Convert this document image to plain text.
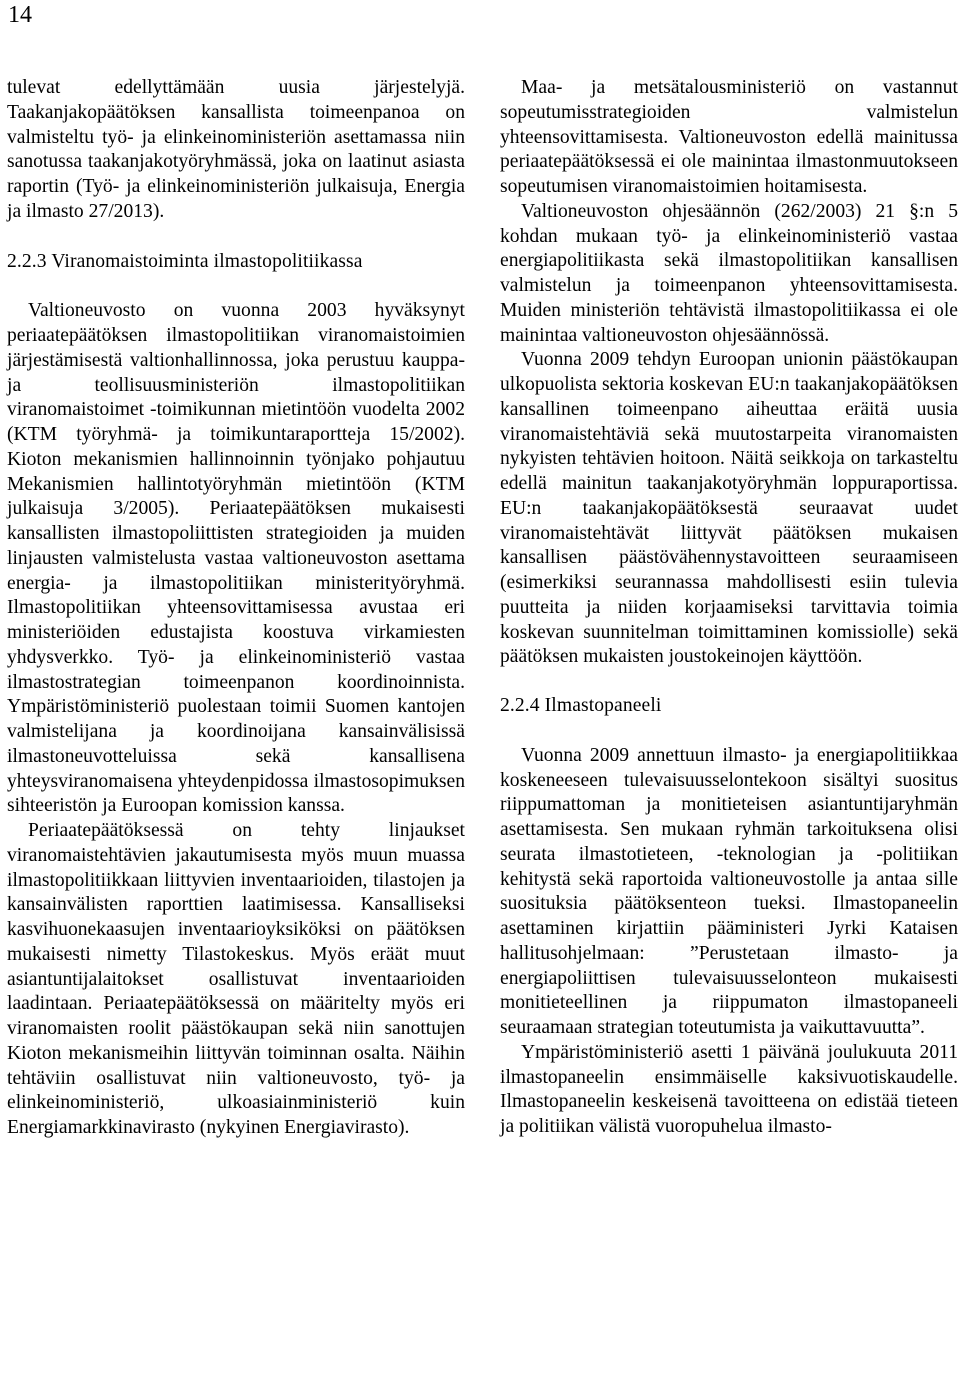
14

tulevat edellyttämään uusia järjestelyjä. Taakanjakopäätöksen kansallista toimeenpanoa on valmisteltu työ- ja elinkeinoministeriön asettamassa niin sanotussa taakanjakotyöryhmässä, joka on laatinut asiasta raportin (Työ- ja elinkeinoministeriön julkaisuja, Energia ja ilmasto 27/2013).

2.2.3 Viranomaistoiminta ilmastopolitiikassa

Valtioneuvosto on vuonna 2003 hyväksynyt periaatepäätöksen ilmastopolitiikan viranomaistoimien järjestämisestä valtionhallinnossa, joka perustuu kauppa- ja teollisuusministeriön ilmastopolitiikan viranomaistoimet -toimikunnan mietintöön vuodelta 2002 (KTM työryhmä- ja toimikuntaraportteja 15/2002). Kioton mekanismien hallinnoinnin työnjako pohjautuu Mekanismien hallintotyöryhmän mietintöön (KTM julkaisuja 3/2005). Periaatepäätöksen mukaisesti kansallisten ilmastopoliittisten strategioiden ja muiden linjausten valmistelusta vastaa valtioneuvoston asettama energia- ja ilmastopolitiikan ministerityöryhmä. Ilmastopolitiikan yhteensovittamisessa avustaa eri ministeriöiden edustajista koostuva virkamiesten yhdysverkko. Työ- ja elinkeinoministeriö vastaa ilmastostrategian toimeenpanon koordinoinnista. Ympäristöministeriö puolestaan toimii Suomen kantojen valmistelijana ja koordinoijana kansainvälisissä ilmastoneuvotteluissa sekä kansallisena yhteysviranomaisena yhteydenpidossa ilmastosopimuksen sihteeristön ja Euroopan komission kanssa.

Periaatepäätöksessä on tehty linjaukset viranomaistehtävien jakautumisesta myös muun muassa ilmastopolitiikkaan liittyvien inventaarioiden, tilastojen ja kansainvälisten raporttien laatimisessa. Kansalliseksi kasvihuonekaasujen inventaarioyksiköksi on päätöksen mukaisesti nimetty Tilastokeskus. Myös eräät muut asiantuntijalaitokset osallistuvat inventaarioiden laadintaan. Periaatepäätöksessä on määritelty myös eri viranomaisten roolit päästökaupan sekä niin sanottujen Kioton mekanismeihin liittyvän toiminnan osalta. Näihin tehtäviin osallistuvat niin valtioneuvosto, työ- ja elinkeinoministeriö, ulkoasiainministeriö kuin Energiamarkkinavirasto (nykyinen Energiavirasto).

Maa- ja metsätalousministeriö on vastannut sopeutumisstrategioiden valmistelun yhteensovittamisesta. Valtioneuvoston edellä mainitussa periaatepäätöksessä ei ole mainintaa ilmastonmuutokseen sopeutumisen viranomaistoimien hoitamisesta.

Valtioneuvoston ohjesäännön (262/2003) 21 §:n 5 kohdan mukaan työ- ja elinkeinoministeriö vastaa energiapolitiikasta sekä ilmastopolitiikan kansallisen valmistelun ja toimeenpanon yhteensovittamisesta. Muiden ministeriön tehtävistä ilmastopolitiikassa ei ole mainintaa valtioneuvoston ohjesäännössä.

Vuonna 2009 tehdyn Euroopan unionin päästökaupan ulkopuolista sektoria koskevan EU:n taakanjakopäätöksen kansallinen toimeenpano aiheuttaa eräitä uusia viranomaistehtäviä sekä muutostarpeita viranomaisten nykyisten tehtävien hoitoon. Näitä seikkoja on tarkasteltu edellä mainitun taakanjakotyöryhmän loppuraportissa. EU:n taakanjakopäätöksestä seuraavat uudet viranomaistehtävät liittyvät päätöksen mukaisen kansallisen päästövähennystavoitteen seuraamiseen (esimerkiksi seurannassa mahdollisesti esiin tulevia puutteita ja niiden korjaamiseksi tarvittavia toimia koskevan suunnitelman toimittaminen komissiolle) sekä päätöksen mukaisten joustokeinojen käyttöön.

2.2.4 Ilmastopaneeli

Vuonna 2009 annettuun ilmasto- ja energiapolitiikkaa koskeneeseen tulevaisuusselontekoon sisältyi suositus riippumattoman ja monitieteisen asiantuntijaryhmän asettamisesta. Sen mukaan ryhmän tarkoituksena olisi seurata ilmastotieteen, -teknologian ja -politiikan kehitystä sekä raportoida valtioneuvostolle ja antaa sille suosituksia päätöksenteon tueksi. Ilmastopaneelin asettaminen kirjattiin pääministeri Jyrki Kataisen hallitusohjelmaan: ”Perustetaan ilmasto- ja energiapoliittisen tulevaisuusselonteon mukaisesti monitieteellinen ja riippumaton ilmastopaneeli seuraamaan strategian toteutumista ja vaikuttavuutta”.

Ympäristöministeriö asetti 1 päivänä joulukuuta 2011 ilmastopaneelin ensimmäiselle kaksivuotiskaudelle. Ilmastopaneelin keskeisenä tavoitteena on edistää tieteen ja politiikan välistä vuoropuhelua ilmasto-
